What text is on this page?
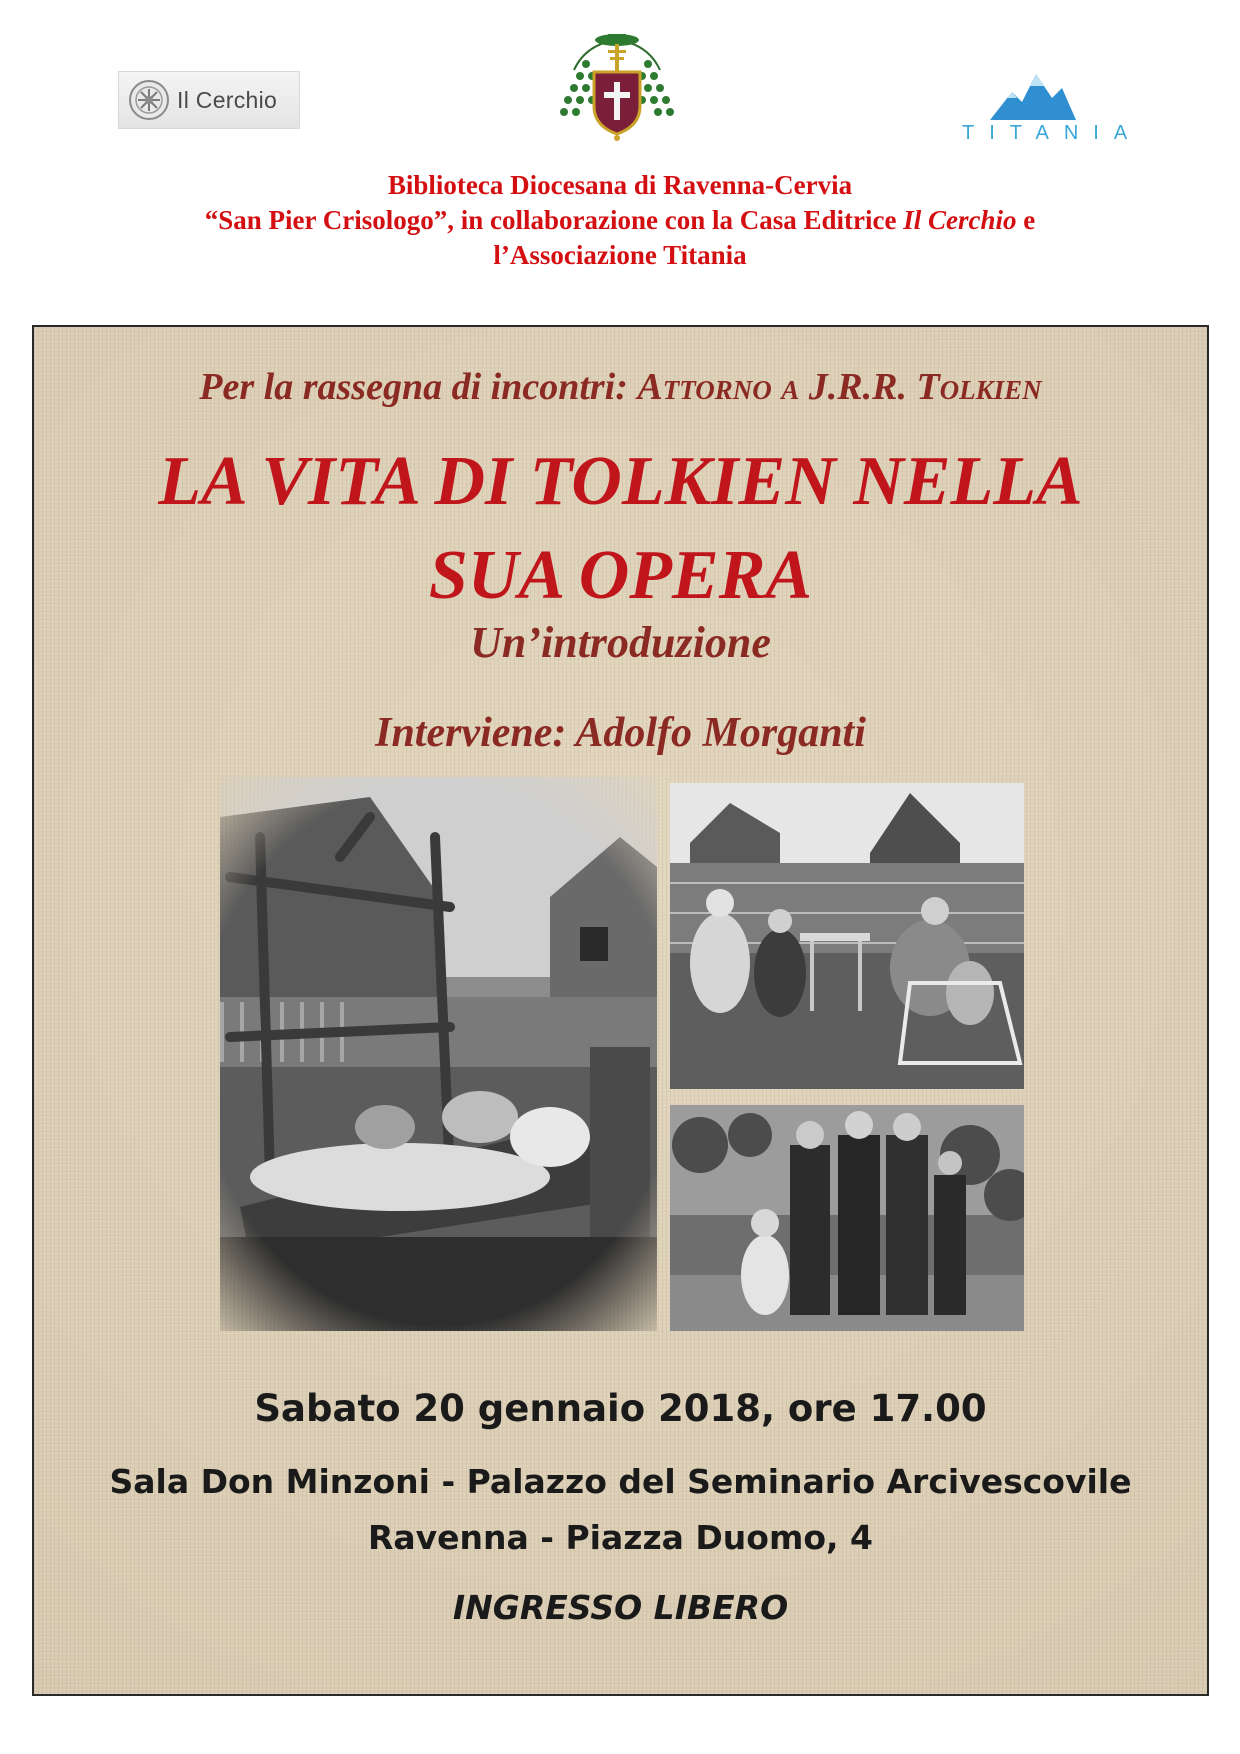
Il Cerchio
TITANIA
Biblioteca Diocesana di Ravenna-Cervia
“San Pier Crisologo”, in collaborazione con la Casa Editrice Il Cerchio e
l’Associazione Titania
Per la rassegna di incontri: Attorno a J.R.R. Tolkien
LA VITA DI TOLKIEN NELLA
SUA OPERA
Un’introduzione
Interviene: Adolfo Morganti
Sabato 20 gennaio 2018, ore 17.00
Sala Don Minzoni - Palazzo del Seminario Arcivescovile
Ravenna - Piazza Duomo, 4
INGRESSO LIBERO
